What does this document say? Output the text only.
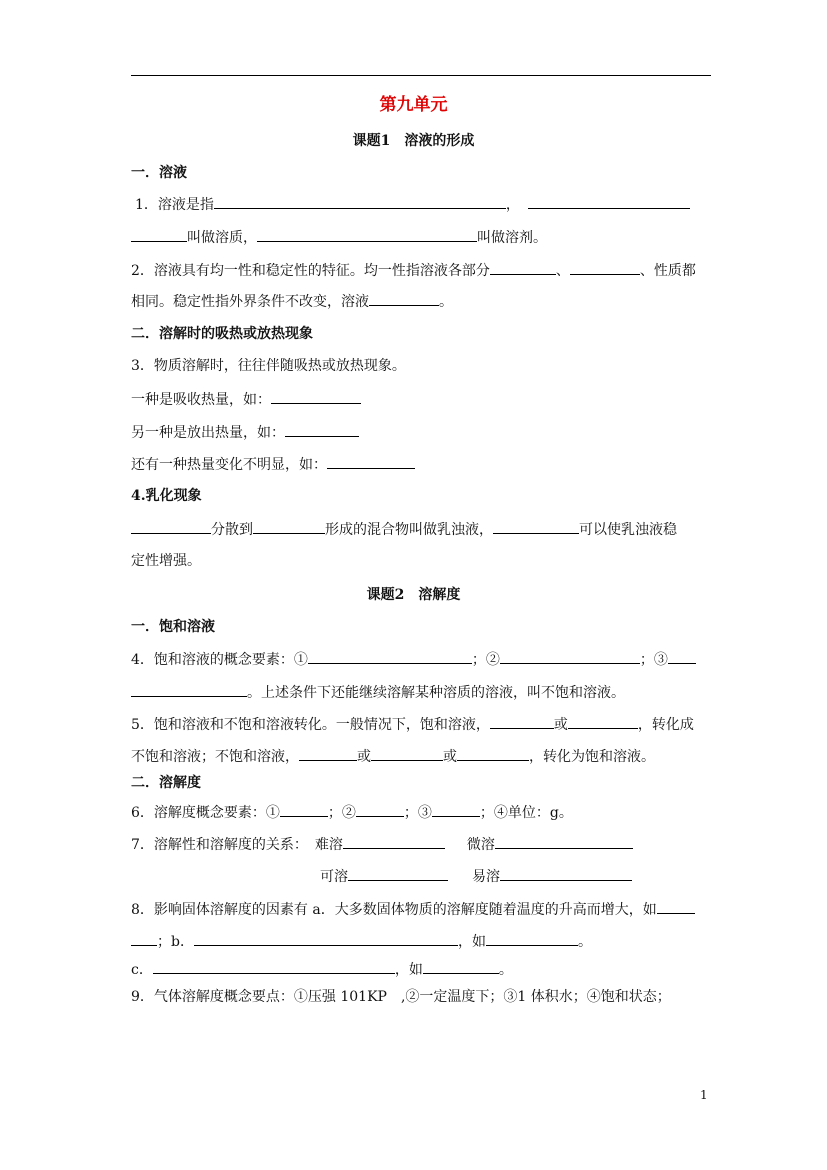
第九单元
课题1　溶液的形成
一．溶液
1．溶液是指	，
叫做溶质，	叫做溶剂。
2．溶液具有均一性和稳定性的特征。均一性指溶液各部分	、	、性质都
相同。稳定性指外界条件不改变，溶液	。
二．溶解时的吸热或放热现象
3．物质溶解时，往往伴随吸热或放热现象。
一种是吸收热量，如：
另一种是放出热量，如：
还有一种热量变化不明显，如：
4.乳化现象
分散到	形成的混合物叫做乳浊液，	可以使乳浊液稳
定性增强。
课题2　溶解度
一．饱和溶液
4．饱和溶液的概念要素：①	；②	；③
。上述条件下还能继续溶解某种溶质的溶液，叫不饱和溶液。
5．饱和溶液和不饱和溶液转化。一般情况下，饱和溶液，	或	，转化成
不饱和溶液；不饱和溶液，	或	或	，转化为饱和溶液。
二．溶解度
6．溶解度概念要素：①	；②	；③	；④单位：g。
7．溶解性和溶解度的关系：　难溶	微溶
可溶	易溶
8．影响固体溶解度的因素有 a．大多数固体物质的溶解度随着温度的升高而增大，如
；b．	，如	。
c．	，如	。
9．气体溶解度概念要点：①压强 101KP　,②一定温度下；③1 体积水；④饱和状态；
1
